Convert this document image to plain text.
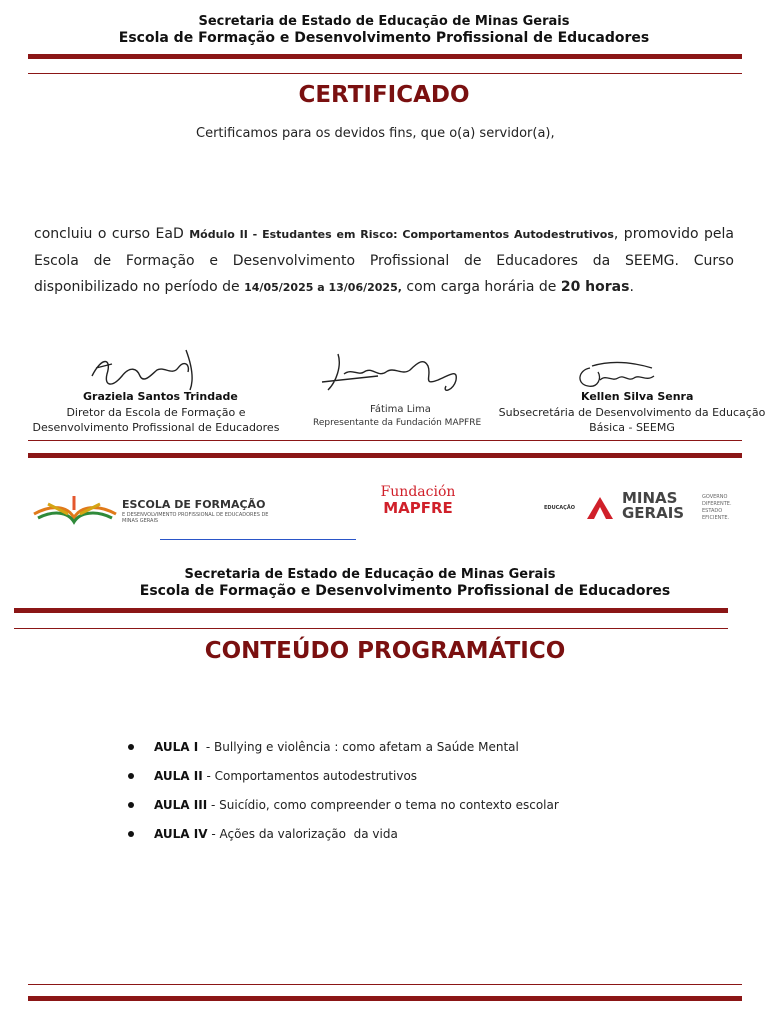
Secretaria de Estado de Educação de Minas Gerais
Escola de Formação e Desenvolvimento Profissional de Educadores
CERTIFICADO
Certificamos para os devidos fins, que o(a) servidor(a),
concluiu o curso EaD Módulo II - Estudantes em Risco: Comportamentos Autodestrutivos, promovido pela Escola de Formação e Desenvolvimento Profissional de Educadores da SEEMG. Curso disponibilizado no período de 14/05/2025 a 13/06/2025, com carga horária de 20 horas.
Graziela Santos Trindade
Diretor da Escola de Formação e Desenvolvimento Profissional de Educadores
Fátima Lima
Representante da Fundación MAPFRE
Kellen Silva Senra
Subsecretária de Desenvolvimento da Educação Básica - SEEMG
ESCOLA DE FORMAÇÃO
E DESENVOLVIMENTO PROFISSIONAL DE EDUCADORES DE MINAS GERAIS
Fundación
MAPFRE	EDUCAÇÃO
MINAS
GERAIS
GOVERNO
DIFERENTE.
ESTADO
EFICIENTE.
Secretaria de Estado de Educação de Minas Gerais
Escola de Formação e Desenvolvimento Profissional de Educadores
CONTEÚDO PROGRAMÁTICO
AULA I  - Bullying e violência : como afetam a Saúde Mental
AULA II - Comportamentos autodestrutivos
AULA III - Suicídio, como compreender o tema no contexto escolar
AULA IV - Ações da valorização  da vida
